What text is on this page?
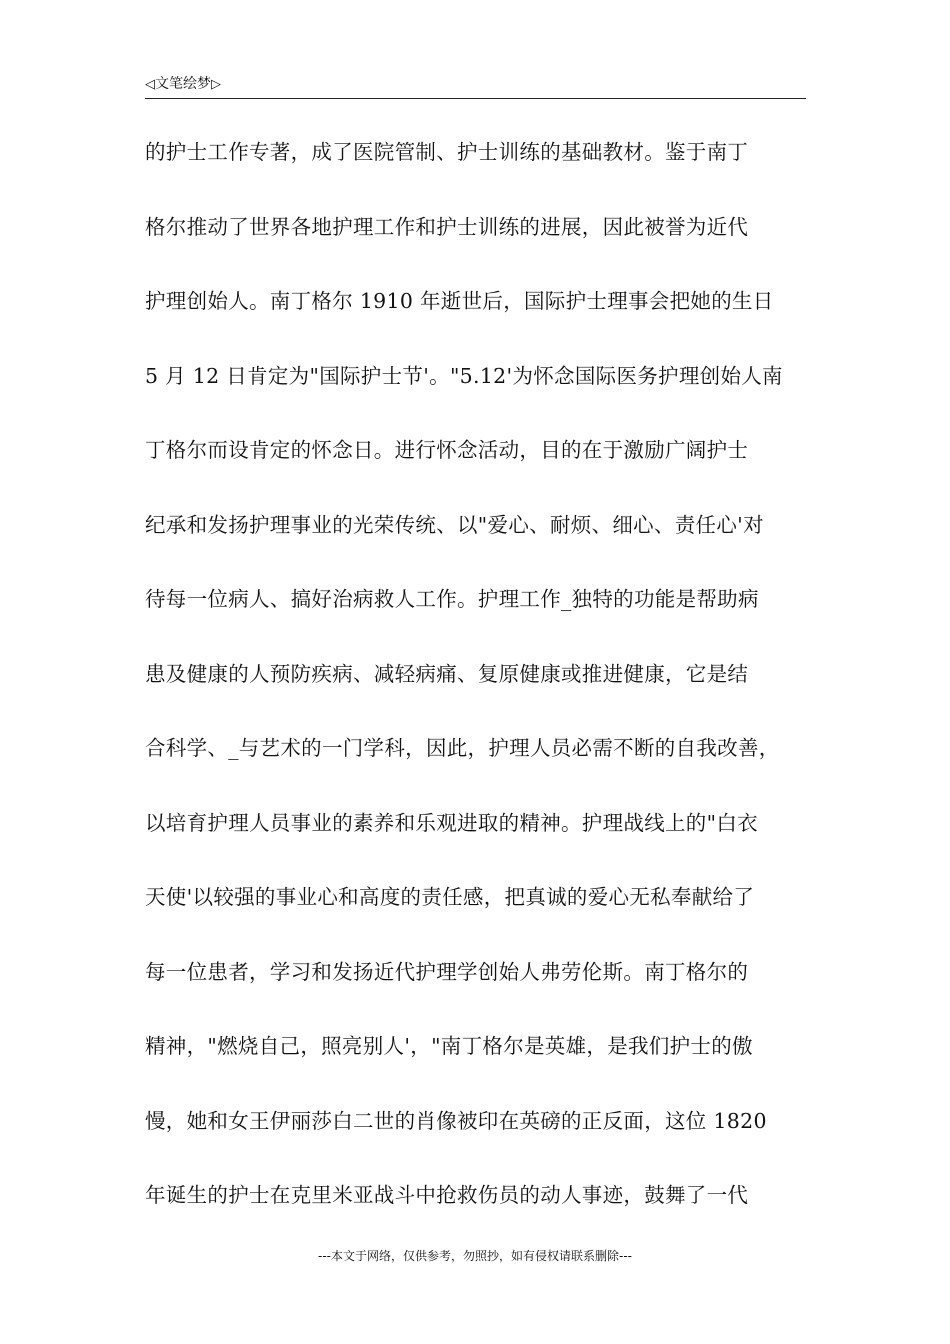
◁文笔绘梦▷
的护士工作专著，成了医院管制、护士训练的基础教材。鉴于南丁
格尔推动了世界各地护理工作和护士训练的进展，因此被誉为近代
护理创始人。南丁格尔 1910 年逝世后，国际护士理事会把她的生日
5 月 12 日肯定为"国际护士节'。"5.12'为怀念国际医务护理创始人南
丁格尔而设肯定的怀念日。进行怀念活动，目的在于激励广阔护士
纪承和发扬护理事业的光荣传统、以"爱心、耐烦、细心、责任心'对
待每一位病人、搞好治病救人工作。护理工作_独特的功能是帮助病
患及健康的人预防疾病、减轻病痛、复原健康或推进健康，它是结
合科学、_与艺术的一门学科，因此，护理人员必需不断的自我改善，
以培育护理人员事业的素养和乐观进取的精神。护理战线上的"白衣
天使'以较强的事业心和高度的责任感，把真诚的爱心无私奉献给了
每一位患者，学习和发扬近代护理学创始人弗劳伦斯。南丁格尔的
精神，"燃烧自己，照亮别人'，"南丁格尔是英雄，是我们护士的傲
慢，她和女王伊丽莎白二世的肖像被印在英磅的正反面，这位 1820
年诞生的护士在克里米亚战斗中抢救伤员的动人事迹，鼓舞了一代
---本文于网络，仅供参考，勿照抄，如有侵权请联系删除---
